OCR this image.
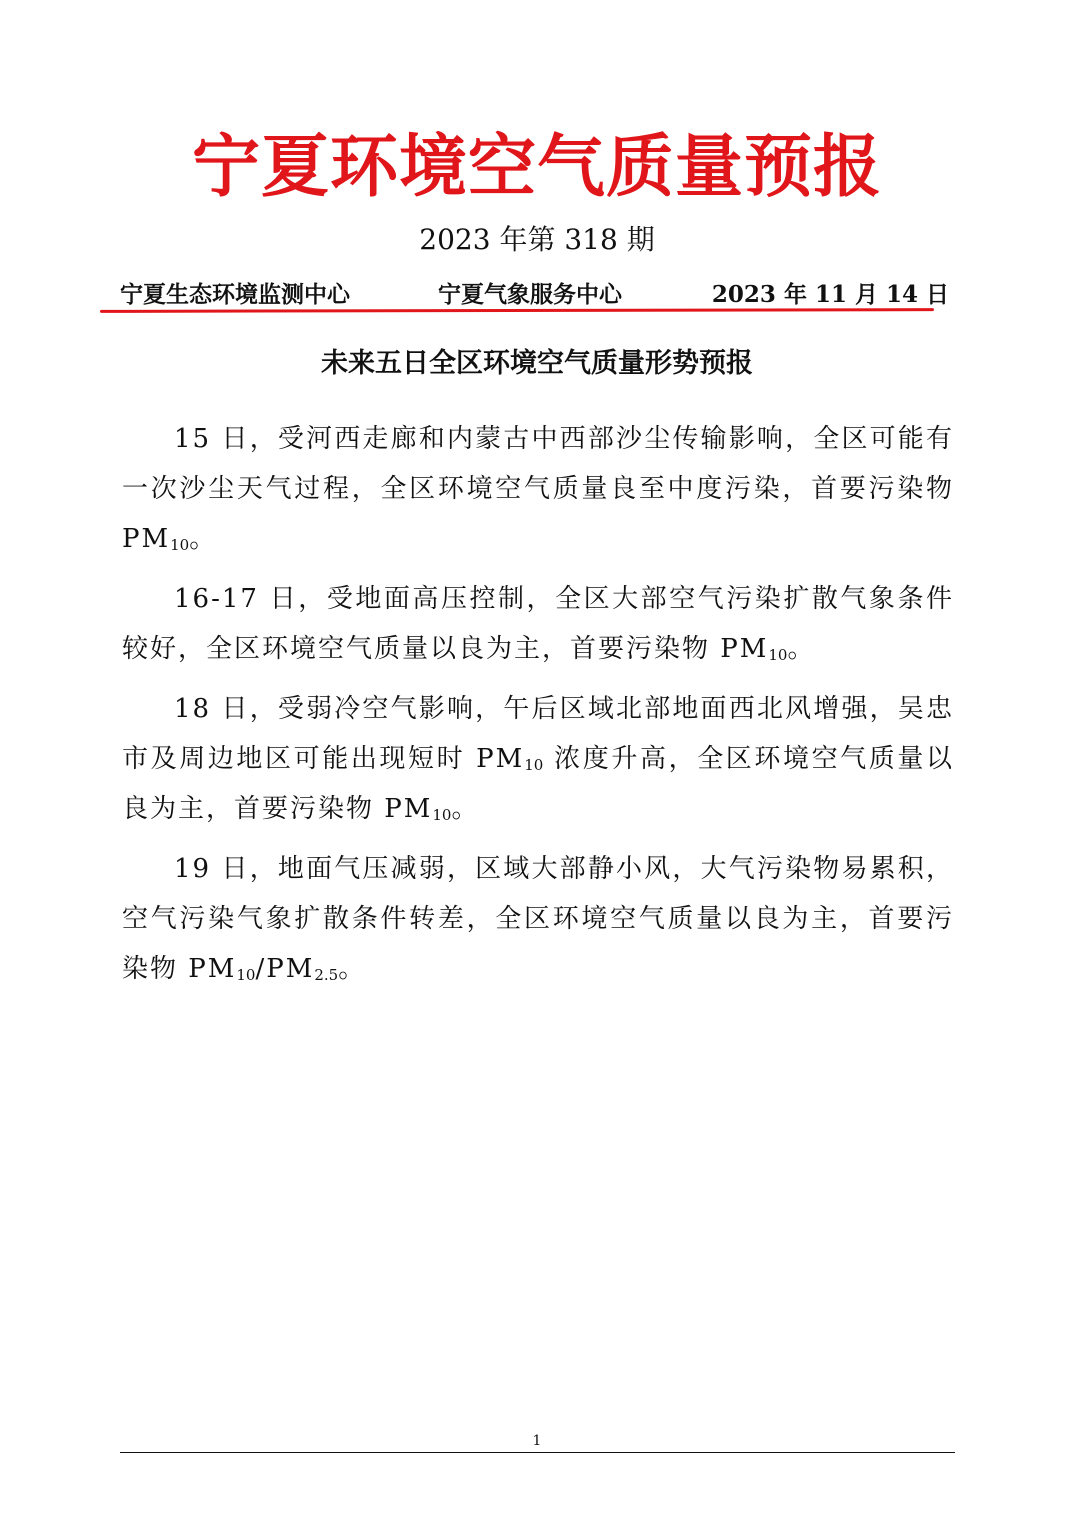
宁夏环境空气质量预报
2023 年第 318 期
宁夏生态环境监测中心	宁夏气象服务中心	2023 年 11 月 14 日
未来五日全区环境空气质量形势预报

15 日，受河西走廊和内蒙古中西部沙尘传输影响，全区可能有一次沙尘天气过程，全区环境空气质量良至中度污染，首要污染物 $PM_{10}$。

16-17 日，受地面高压控制，全区大部空气污染扩散气象条件较好，全区环境空气质量以良为主，首要污染物 $PM_{10}$。

18 日，受弱冷空气影响，午后区域北部地面西北风增强，吴忠市及周边地区可能出现短时 $PM_{10}$ 浓度升高，全区环境空气质量以良为主，首要污染物 $PM_{10}$。

19 日，地面气压减弱，区域大部静小风，大气污染物易累积，空气污染气象扩散条件转差，全区环境空气质量以良为主，首要污染物 $PM_{10}/PM_{2.5}$。

1
